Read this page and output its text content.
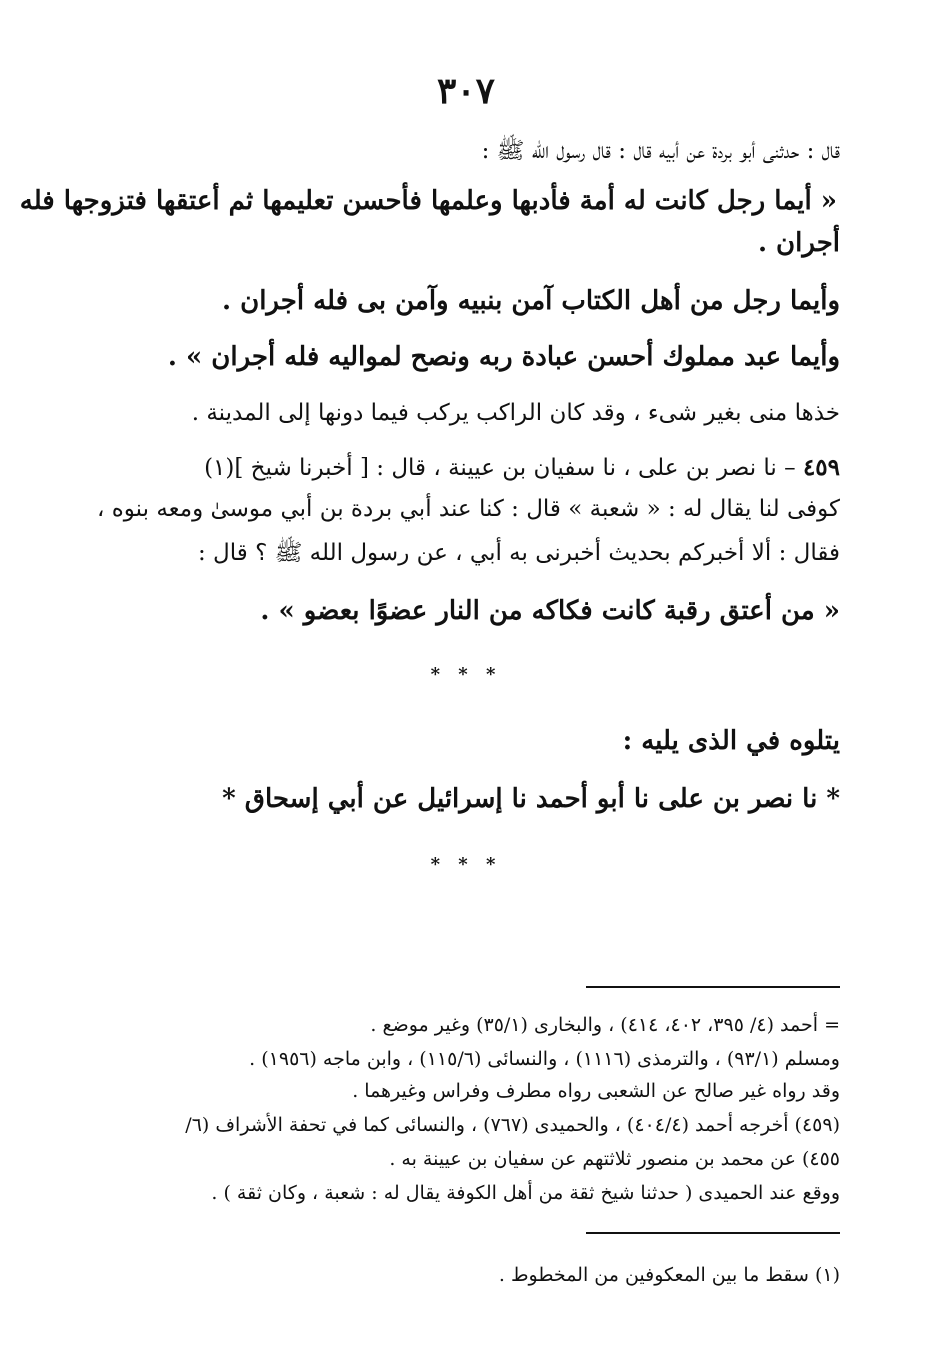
٣٠٧
قال : حدثنى أبو بردة عن أبيه قال : قال رسول الله ﷺ :
« أيما رجل كانت له أمة فأدبها وعلمها فأحسن تعليمها ثم أعتقها فتزوجها فله
أجران .
وأيما رجل من أهل الكتاب آمن بنبيه وآمن بى فله أجران .
وأيما عبد مملوك أحسن عبادة ربه ونصح لمواليه فله أجران » .
خذها منى بغير شىء ، وقد كان الراكب يركب فيما دونها إلى المدينة .
٤٥٩ – نا نصر بن على ، نا سفيان بن عيينة ، قال : [ أخبرنا شيخ ](١)
كوفى لنا يقال له : « شعبة » قال : كنا عند أبي بردة بن أبي موسىٰ ومعه بنوه ،
فقال : ألا أخبركم بحديث أخبرنى به أبي ، عن رسول الله ﷺ ؟ قال :
« من أعتق رقبة كانت فكاكه من النار عضوًا بعضو » .
* * *
يتلوه في الذى يليه :
* نا نصر بن على نا أبو أحمد نا إسرائيل عن أبي إسحاق *
* * *
= أحمد (٤/ ٣٩٥، ٤٠٢، ٤١٤) ، والبخارى (٣٥/١) وغير موضع .
ومسلم (٩٣/١) ، والترمذى (١١١٦) ، والنسائى (١١٥/٦) ، وابن ماجه (١٩٥٦) .
وقد رواه غير صالح عن الشعبى رواه مطرف وفراس وغيرهما .
(٤٥٩) أخرجه أحمد (٤٠٤/٤) ، والحميدى (٧٦٧) ، والنسائى كما في تحفة الأشراف (٦/
٤٥٥) عن محمد بن منصور ثلاثتهم عن سفيان بن عيينة به .
ووقع عند الحميدى ( حدثنا شيخ ثقة من أهل الكوفة يقال له : شعبة ، وكان ثقة ) .
(١) سقط ما بين المعكوفين من المخطوط .
